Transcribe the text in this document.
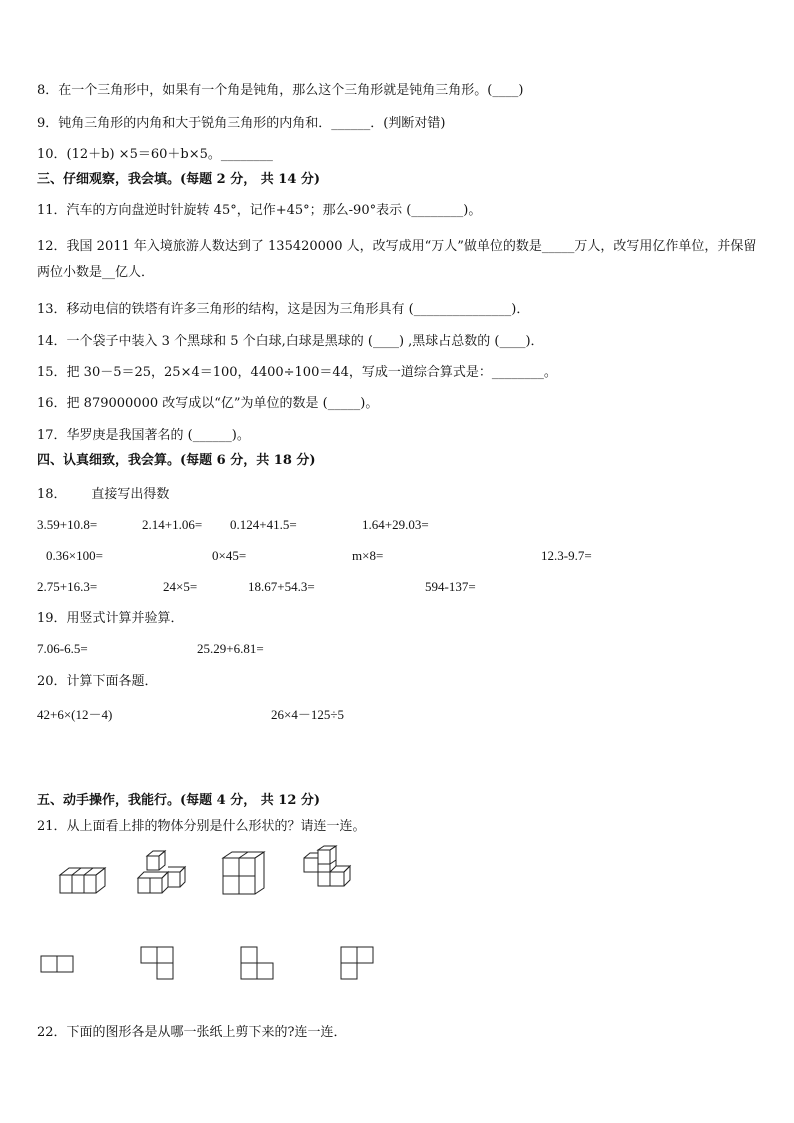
8．在一个三角形中，如果有一个角是钝角，那么这个三角形就是钝角三角形。(____)
9．钝角三角形的内角和大于锐角三角形的内角和．______．(判断对错)
10．(12＋b) ×5＝60＋b×5。________
三、仔细观察，我会填。(每题 2 分， 共 14 分)
11．汽车的方向盘逆时针旋转 45°，记作+45°；那么-90°表示 (________)。
12．我国 2011 年入境旅游人数达到了 135420000 人，改写成用“万人”做单位的数是_____万人，改写用亿作单位，并保留两位小数是__亿人．
13．移动电信的铁塔有许多三角形的结构，这是因为三角形具有 (_______________)．
14．一个袋子中装入 3 个黑球和 5 个白球,白球是黑球的 (____) ,黑球占总数的 (____)．
15．把 30－5＝25，25×4＝100，4400÷100＝44，写成一道综合算式是：________。
16．把 879000000 改写成以“亿”为单位的数是 (_____)。
17．华罗庚是我国著名的 (______)。
四、认真细致，我会算。(每题 6 分，共 18 分)
18．      直接写出得数
3.59+10.8=	2.14+1.06= 0.124+41.5=	1.64+29.03=
0.36×100=	0×45=	m×8=	12.3-9.7=
2.75+16.3=	24×5=	18.67+54.3=	594-137=
19．用竖式计算并验算．
7.06-6.5=	25.29+6.81=
20．计算下面各题．
42+6×(12－4)	26×4－125÷5
五、动手操作，我能行。(每题 4 分， 共 12 分)
21．从上面看上排的物体分别是什么形状的？请连一连。
22．下面的图形各是从哪一张纸上剪下来的?连一连．
